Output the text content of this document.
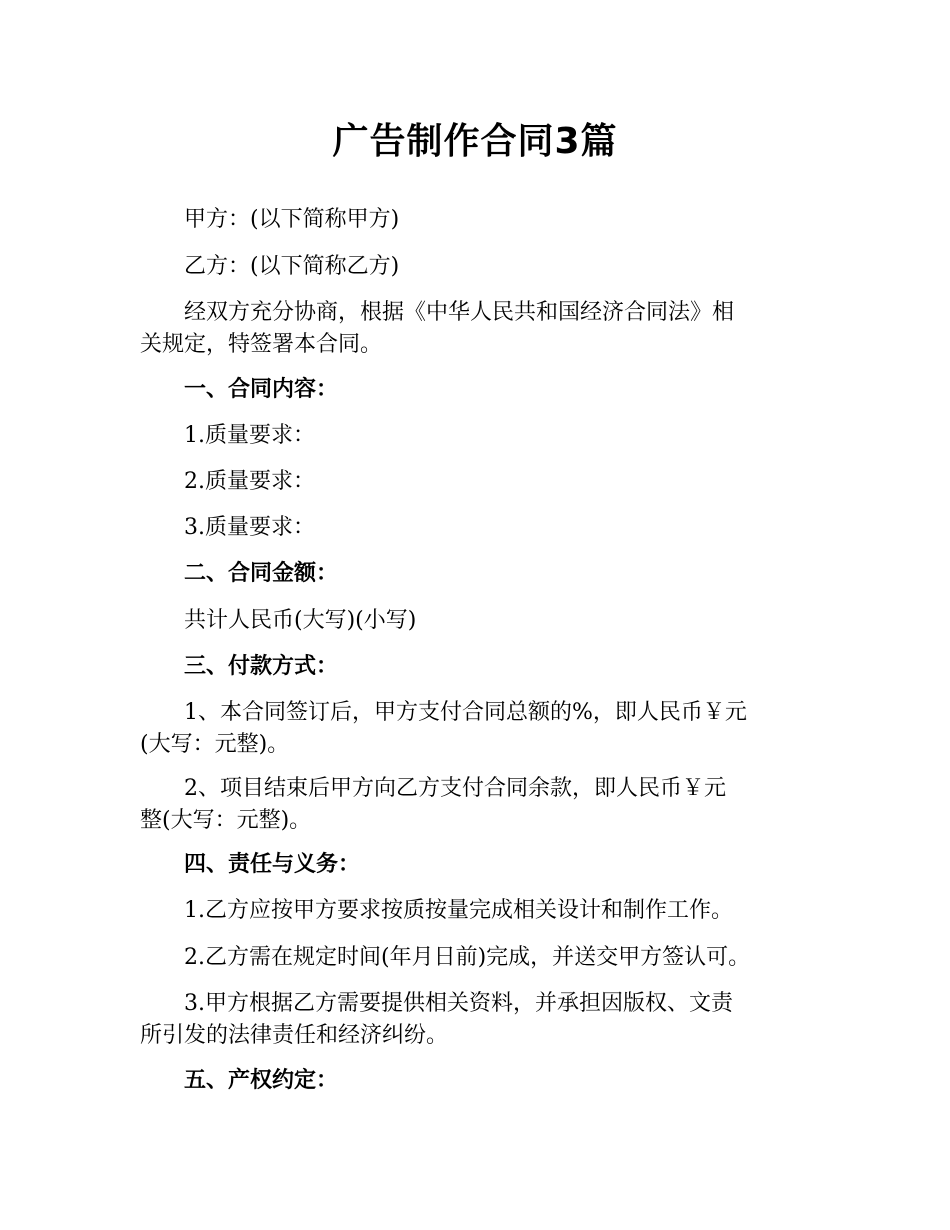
广告制作合同3篇
甲方：(以下简称甲方)
乙方：(以下简称乙方)
经双方充分协商，根据《中华人民共和国经济合同法》相
关规定，特签署本合同。
一、合同内容：
1.质量要求：
2.质量要求：
3.质量要求：
二、合同金额：
共计人民币(大写)(小写)
三、付款方式：
1、本合同签订后，甲方支付合同总额的%，即人民币￥元
(大写：元整)。
2、项目结束后甲方向乙方支付合同余款，即人民币￥元
整(大写：元整)。
四、责任与义务：
1.乙方应按甲方要求按质按量完成相关设计和制作工作。
2.乙方需在规定时间(年月日前)完成，并送交甲方签认可。
3.甲方根据乙方需要提供相关资料，并承担因版权、文责
所引发的法律责任和经济纠纷。
五、产权约定：
